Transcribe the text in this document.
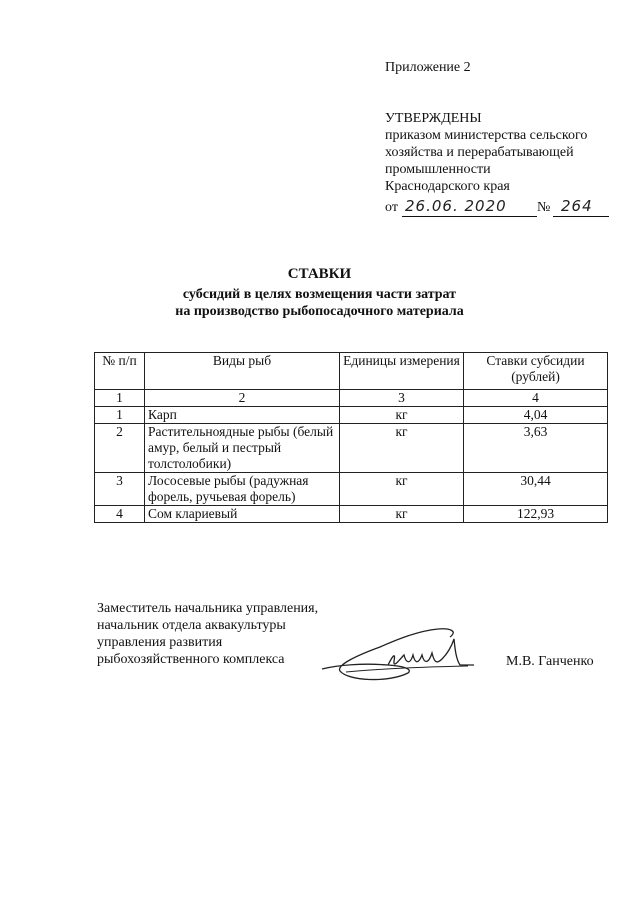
Приложение 2
УТВЕРЖДЕНЫ
приказом министерства сельского
хозяйства и перерабатывающей
промышленности
Краснодарского края
от 26.06. 2020 № 264
СТАВКИ
субсидий в целях возмещения части затрат
на производство рыбопосадочного материала
№ п/п	Виды рыб	Единицы измерения	Ставки субсидии (рублей)
1	2	3	4
1	Карп	кг	4,04
2	Растительноядные рыбы (белый амур, белый и пестрый толстолобики)	кг	3,63
3	Лососевые рыбы (радужная форель, ручьевая форель)	кг	30,44
4	Сом клариевый	кг	122,93
Заместитель начальника управления,
начальник отдела аквакультуры
управления развития
рыбохозяйственного комплекса	М.В. Ганченко
